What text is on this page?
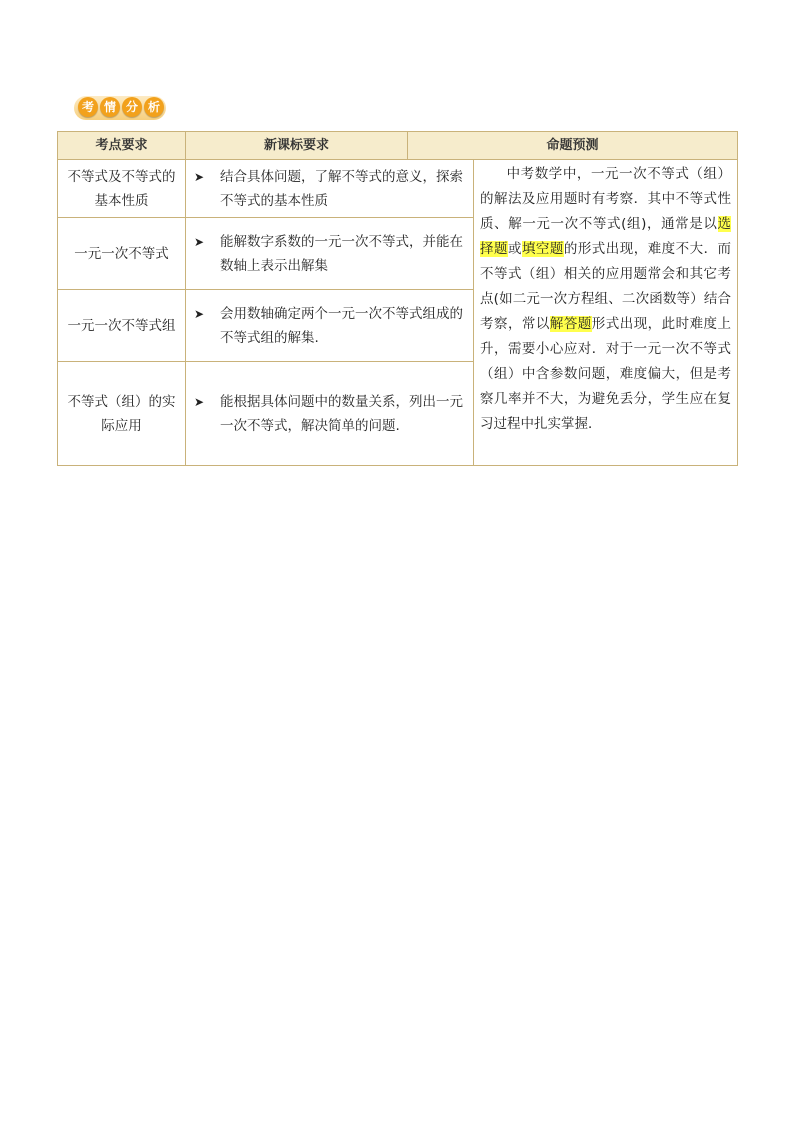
考 情 分 析
考点要求	新课标要求	命题预测	
不等式及不等式的基本性质	➤ 结合具体问题，了解不等式的意义，探索不等式的基本性质		中考数学中，一元一次不等式（组）的解法及应用题时有考察．其中不等式性质、解一元一次不等式(组)，通常是以选择题或填空题的形式出现，难度不大．而不等式（组）相关的应用题常会和其它考点(如二元一次方程组、二次函数等）结合考察，常以解答题形式出现，此时难度上升，需要小心应对．对于一元一次不等式（组）中含参数问题，难度偏大，但是考察几率并不大，为避免丢分，学生应在复习过程中扎实掌握．
一元一次不等式	➤ 能解数字系数的一元一次不等式，并能在数轴上表示出解集		

一元一次不等式组	➤ 会用数轴确定两个一元一次不等式组成的不等式组的解集.		

不等式（组）的实际应用	➤ 能根据具体问题中的数量关系，列出一元一次不等式，解决简单的问题.		
